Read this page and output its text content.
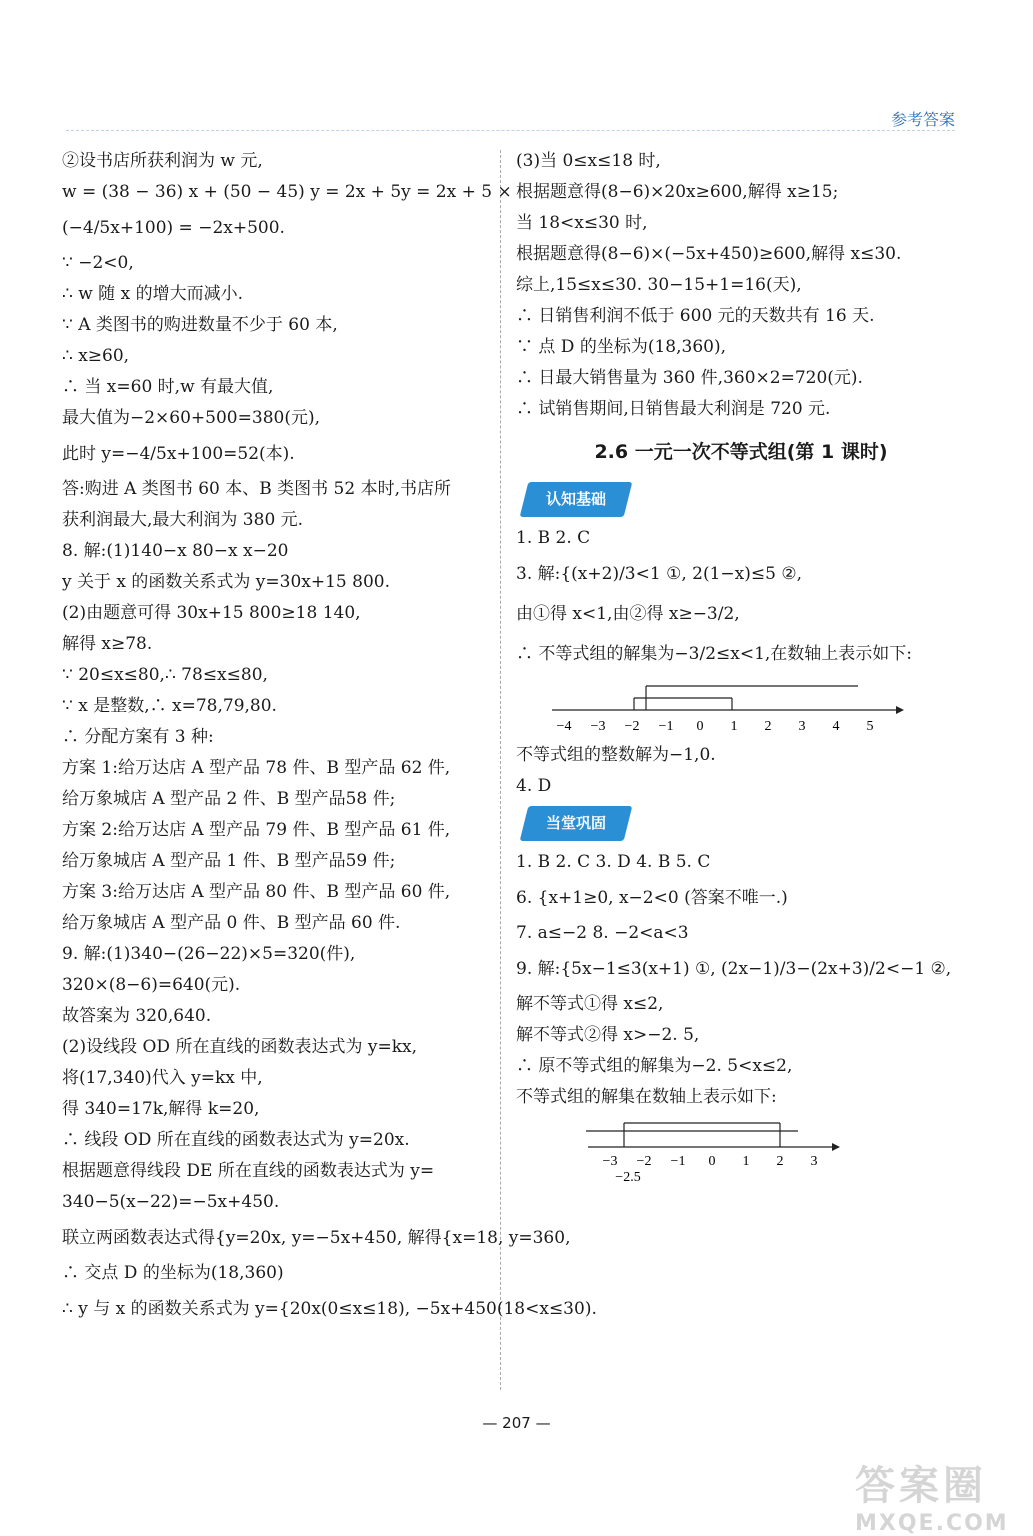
参考答案
②设书店所获利润为 w 元,
w = (38 − 36) x + (50 − 45) y = 2x + 5y = 2x + 5 ×
(−4/5x+100) = −2x+500.
∵ −2<0,
∴ w 随 x 的增大而减小.
∵ A 类图书的购进数量不少于 60 本,
∴ x≥60,
∴ 当 x=60 时,w 有最大值,
最大值为−2×60+500=380(元),
此时 y=−4/5x+100=52(本).
答:购进 A 类图书 60 本、B 类图书 52 本时,书店所
获利润最大,最大利润为 380 元.
8. 解:(1)140−x 80−x x−20
y 关于 x 的函数关系式为 y=30x+15 800.
(2)由题意可得 30x+15 800≥18 140,
解得 x≥78.
∵ 20≤x≤80,∴ 78≤x≤80,
∵ x 是整数,∴ x=78,79,80.
∴ 分配方案有 3 种:
方案 1:给万达店 A 型产品 78 件、B 型产品 62 件,
给万象城店 A 型产品 2 件、B 型产品58 件;
方案 2:给万达店 A 型产品 79 件、B 型产品 61 件,
给万象城店 A 型产品 1 件、B 型产品59 件;
方案 3:给万达店 A 型产品 80 件、B 型产品 60 件,
给万象城店 A 型产品 0 件、B 型产品 60 件.
9. 解:(1)340−(26−22)×5=320(件),
320×(8−6)=640(元).
故答案为 320,640.
(2)设线段 OD 所在直线的函数表达式为 y=kx,
将(17,340)代入 y=kx 中,
得 340=17k,解得 k=20,
∴ 线段 OD 所在直线的函数表达式为 y=20x.
根据题意得线段 DE 所在直线的函数表达式为 y=
340−5(x−22)=−5x+450.
联立两函数表达式得{y=20x, y=−5x+450, 解得{x=18, y=360,
∴ 交点 D 的坐标为(18,360)
∴ y 与 x 的函数关系式为 y={20x(0≤x≤18), −5x+450(18<x≤30).
(3)当 0≤x≤18 时,
根据题意得(8−6)×20x≥600,解得 x≥15;
当 18<x≤30 时,
根据题意得(8−6)×(−5x+450)≥600,解得 x≤30.
综上,15≤x≤30. 30−15+1=16(天),
∴ 日销售利润不低于 600 元的天数共有 16 天.
∵ 点 D 的坐标为(18,360),
∴ 日最大销售量为 360 件,360×2=720(元).
∴ 试销售期间,日销售最大利润是 720 元.
2.6 一元一次不等式组(第 1 课时)
认知基础
1. B 2. C
3. 解:{(x+2)/3<1 ①, 2(1−x)≤5 ②,
由①得 x<1,由②得 x≥−3/2,
∴ 不等式组的解集为−3/2≤x<1,在数轴上表示如下:
−4 −3 −2 −1 0 1 2 3 4 5
不等式组的整数解为−1,0.
4. D
当堂巩固
1. B 2. C 3. D 4. B 5. C
6. {x+1≥0, x−2<0 (答案不唯一.)
7. a≤−2 8. −2<a<3
9. 解:{5x−1≤3(x+1) ①, (2x−1)/3−(2x+3)/2<−1 ②,
解不等式①得 x≤2,
解不等式②得 x>−2. 5,
∴ 原不等式组的解集为−2. 5<x≤2,
不等式组的解集在数轴上表示如下:
−3 −2 −1 0 1 2 3
−2.5
— 207 —
答案圈
MXQE.COM
